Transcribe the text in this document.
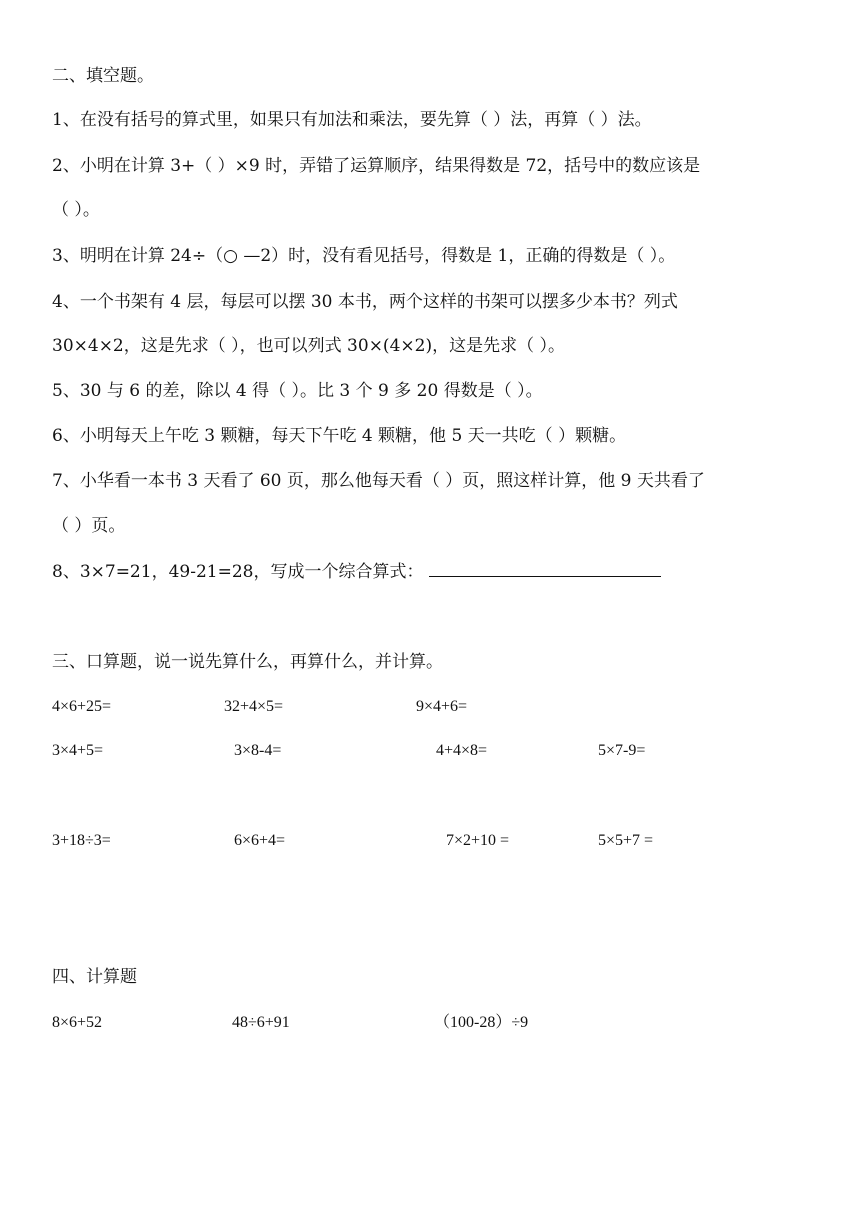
二、填空题。
1、在没有括号的算式里，如果只有加法和乘法，要先算（ ）法，再算（ ）法。
2、小明在计算 3+（ ）×9 时，弄错了运算顺序，结果得数是 72，括号中的数应该是
（ ）。
3、明明在计算 24÷（○ —2）时，没有看见括号，得数是 1，正确的得数是（ ）。
4、一个书架有 4 层，每层可以摆 30 本书，两个这样的书架可以摆多少本书？列式
30×4×2，这是先求（ ），也可以列式 30×(4×2)，这是先求（ ）。
5、30 与 6 的差，除以 4 得（ ）。比 3 个 9 多 20 得数是（ ）。
6、小明每天上午吃 3 颗糖，每天下午吃 4 颗糖，他 5 天一共吃（ ）颗糖。
7、小华看一本书 3 天看了 60 页，那么他每天看（ ）页，照这样计算，他 9 天共看了
（ ）页。
8、3×7=21，49-21=28，写成一个综合算式：
三、口算题，说一说先算什么，再算什么，并计算。
4×6+25=	32+4×5=	9×4+6=
3×4+5=	3×8-4=	4+4×8=	5×7-9=
3+18÷3=	6×6+4=	7×2+10 =	5×5+7 =
四、计算题
8×6+52	48÷6+91	（100-28）÷9
